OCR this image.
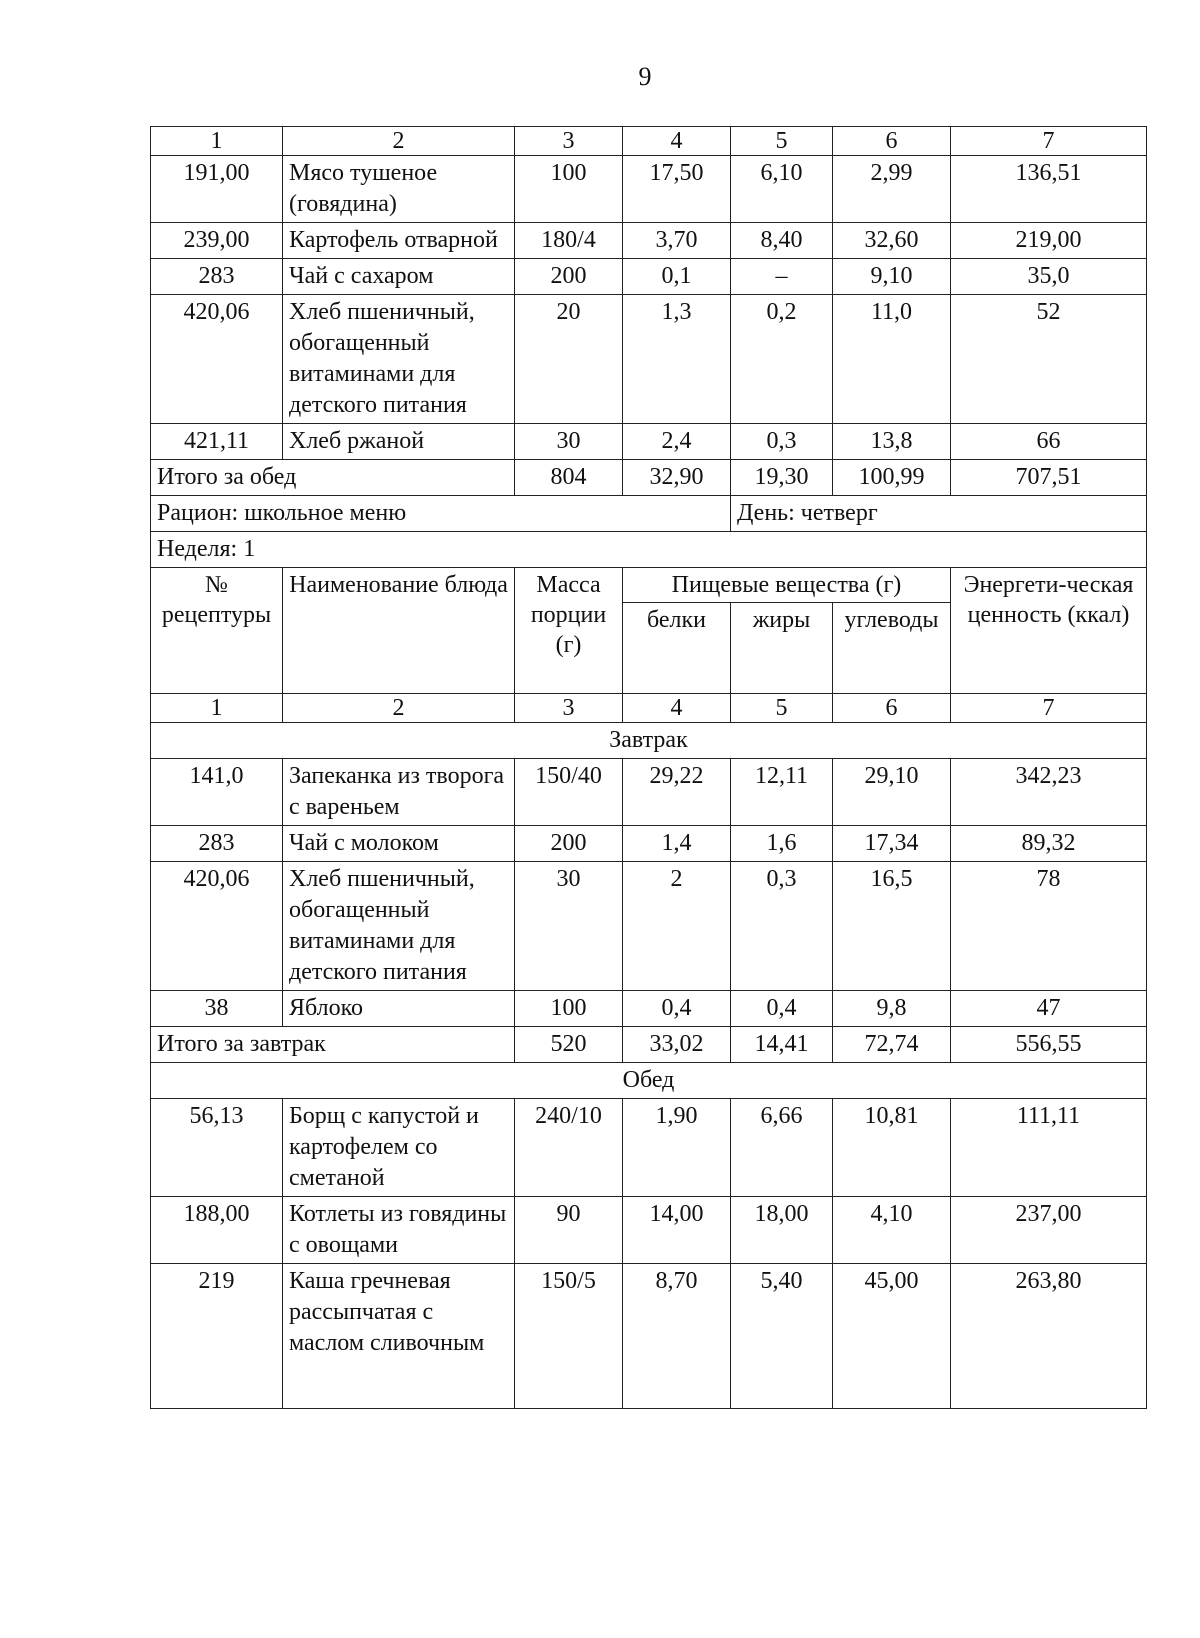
9
1	2	3	4	5	6	7
191,00	Мясо тушеное (говядина)	100	17,50	6,10	2,99	136,51
239,00	Картофель отварной	180/4	3,70	8,40	32,60	219,00
283	Чай с сахаром	200	0,1	–	9,10	35,0
420,06	Хлеб пшеничный, обогащенный витаминами для детского питания	20	1,3	0,2	11,0	52
421,11	Хлеб ржаной	30	2,4	0,3	13,8	66
Итого за обед		804	32,90	19,30	100,99	707,51
Рацион: школьное меню				День: четверг		
Неделя: 1						
№ рецептуры	Наименование блюда	Масса порции (г)	Пищевые вещества (г)			Энергети-ческая ценность (ккал)
			белки	жиры	углеводы	
1	2	3	4	5	6	7
Завтрак						
141,0	Запеканка из творога с вареньем	150/40	29,22	12,11	29,10	342,23
283	Чай с молоком	200	1,4	1,6	17,34	89,32
420,06	Хлеб пшеничный, обогащенный витаминами для детского питания	30	2	0,3	16,5	78
38	Яблоко	100	0,4	0,4	9,8	47
Итого за завтрак		520	33,02	14,41	72,74	556,55
Обед						
56,13	Борщ с капустой и картофелем со сметаной	240/10	1,90	6,66	10,81	111,11
188,00	Котлеты из говядины с овощами	90	14,00	18,00	4,10	237,00
219	Каша гречневая рассыпчатая с маслом сливочным	150/5	8,70	5,40	45,00	263,80
